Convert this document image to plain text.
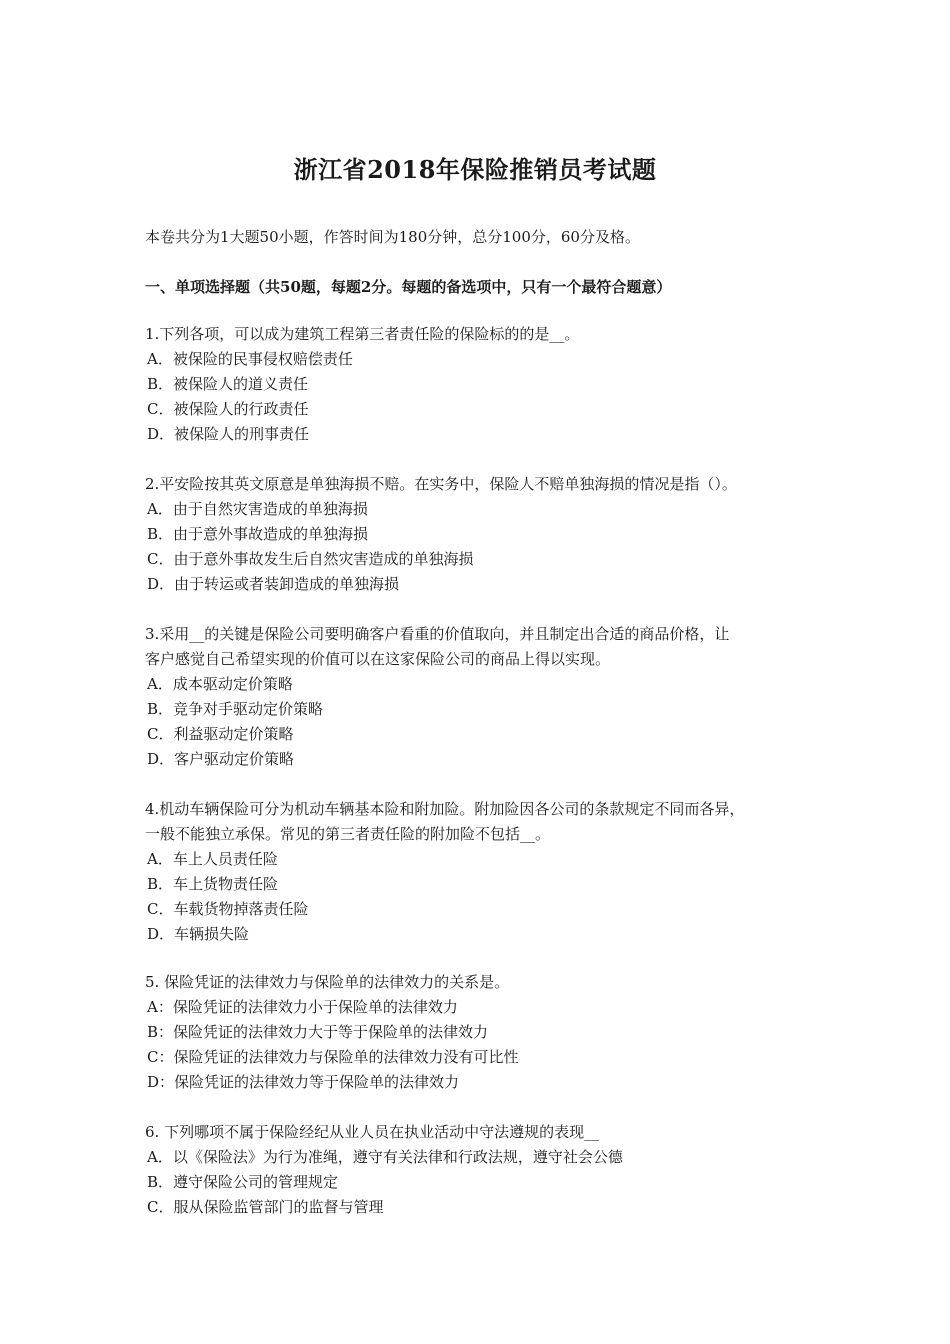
浙江省2018年保险推销员考试题
本卷共分为1大题50小题，作答时间为180分钟，总分100分，60分及格。
一、单项选择题（共50题，每题2分。每题的备选项中，只有一个最符合题意）
1.下列各项，可以成为建筑工程第三者责任险的保险标的的是__。
A．被保险的民事侵权赔偿责任
B．被保险人的道义责任
C．被保险人的行政责任
D．被保险人的刑事责任
2.平安险按其英文原意是单独海损不赔。在实务中，保险人不赔单独海损的情况是指（）。
A．由于自然灾害造成的单独海损
B．由于意外事故造成的单独海损
C．由于意外事故发生后自然灾害造成的单独海损
D．由于转运或者装卸造成的单独海损
3.采用__的关键是保险公司要明确客户看重的价值取向，并且制定出合适的商品价格，让
客户感觉自己希望实现的价值可以在这家保险公司的商品上得以实现。
A．成本驱动定价策略
B．竞争对手驱动定价策略
C．利益驱动定价策略
D．客户驱动定价策略
4.机动车辆保险可分为机动车辆基本险和附加险。附加险因各公司的条款规定不同而各异，
一般不能独立承保。常见的第三者责任险的附加险不包括__。
A．车上人员责任险
B．车上货物责任险
C．车载货物掉落责任险
D．车辆损失险
5. 保险凭证的法律效力与保险单的法律效力的关系是。
A：保险凭证的法律效力小于保险单的法律效力
B：保险凭证的法律效力大于等于保险单的法律效力
C：保险凭证的法律效力与保险单的法律效力没有可比性
D：保险凭证的法律效力等于保险单的法律效力
6. 下列哪项不属于保险经纪从业人员在执业活动中守法遵规的表现__
A．以《保险法》为行为准绳，遵守有关法律和行政法规，遵守社会公德
B．遵守保险公司的管理规定
C．服从保险监管部门的监督与管理
